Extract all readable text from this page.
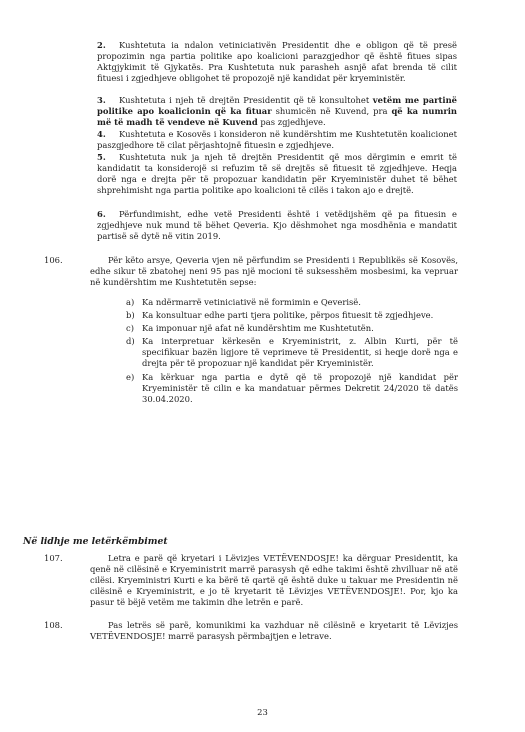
2. Kushtetuta ia ndalon vetiniciativën Presidentit dhe e obligon që të presë propozimin nga partia politike apo koalicioni parazgjedhor që është fitues sipas Aktgjykimit të Gjykatës. Pra Kushtetuta nuk parasheh asnjë afat brenda të cilit fituesi i zgjedhjeve obligohet të propozojë një kandidat për kryeministër.
3. Kushtetuta i njeh të drejtën Presidentit që të konsultohet vetëm me partinë politike apo koalicionin që ka fituar shumicën në Kuvend, pra që ka numrin më të madh të vendeve në Kuvend pas zgjedhjeve.
4. Kushtetuta e Kosovës i konsideron në kundërshtim me Kushtetutën koalicionet paszgjedhore të cilat përjashtojnë fituesin e zgjedhjeve.
5. Kushtetuta nuk ja njeh të drejtën Presidentit që mos dërgimin e emrit të kandidatit ta konsiderojë si refuzim të së drejtës së fituesit të zgjedhjeve. Heqja dorë nga e drejta për të propozuar kandidatin për Kryeministër duhet të bëhet shprehimisht nga partia politike apo koalicioni të cilës i takon ajo e drejtë.
6. Përfundimisht, edhe vetë Presidenti është i vetëdijshëm që pa fituesin e zgjedhjeve nuk mund të bëhet Qeveria. Kjo dëshmohet nga mosdhënia e mandatit partisë së dytë në vitin 2019.
106.	Për këto arsye, Qeveria vjen në përfundim se Presidenti i Republikës së Kosovës, edhe sikur të zbatohej neni 95 pas një mocioni të suksesshëm mosbesimi, ka vepruar në kundërshtim me Kushtetutën sepse:
a) Ka ndërmarrë vetiniciativë në formimin e Qeverisë.
b) Ka konsultuar edhe parti tjera politike, përpos fituesit të zgjedhjeve.
c) Ka imponuar një afat në kundërshtim me Kushtetutën.
d) Ka interpretuar kërkesën e Kryeministrit, z. Albin Kurti, për të specifikuar bazën ligjore të veprimeve të Presidentit, si heqje dorë nga e drejta për të propozuar një kandidat për Kryeministër.
e) Ka kërkuar nga partia e dytë që të propozojë një kandidat për Kryeministër të cilin e ka mandatuar përmes Dekretit 24/2020 të datës 30.04.2020.
Në lidhje me letërkëmbimet
107.	Letra e parë që kryetari i Lëvizjes VETËVENDOSJE! ka dërguar Presidentit, ka qenë në cilësinë e Kryeministrit marrë parasysh që edhe takimi është zhvilluar në atë cilësi. Kryeministri Kurti e ka bërë të qartë që është duke u takuar me Presidentin në cilësinë e Kryeministrit, e jo të kryetarit të Lëvizjes VETËVENDOSJE!. Por, kjo ka pasur të bëjë vetëm me takimin dhe letrën e parë.
108.	Pas letrës së parë, komunikimi ka vazhduar në cilësinë e kryetarit të Lëvizjes VETËVENDOSJE! marrë parasysh përmbajtjen e letrave.
23
